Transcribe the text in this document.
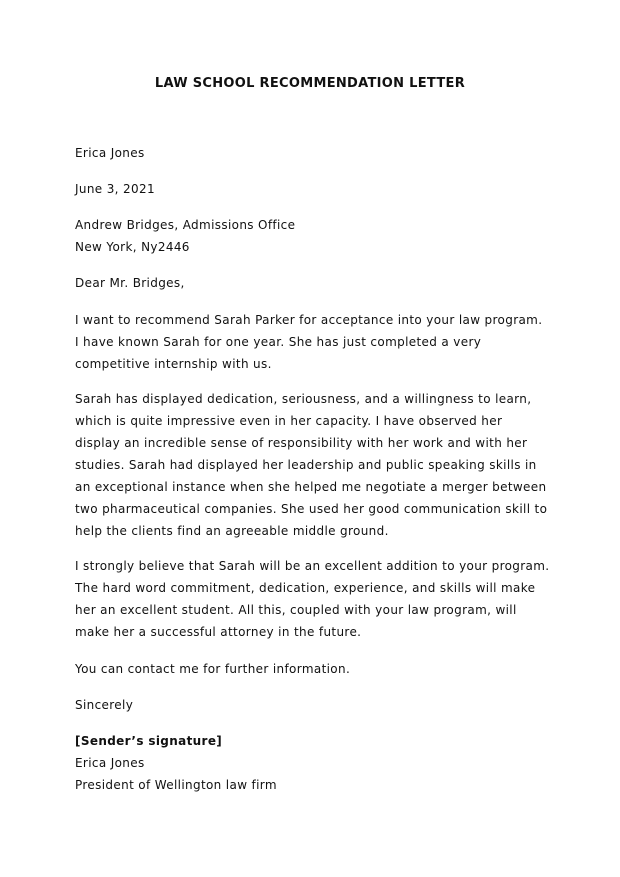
LAW SCHOOL RECOMMENDATION LETTER
Erica Jones
June 3, 2021
Andrew Bridges, Admissions Office
New York, Ny2446
Dear Mr. Bridges,
I want to recommend Sarah Parker for acceptance into your law program.
I have known Sarah for one year. She has just completed a very
competitive internship with us.
Sarah has displayed dedication, seriousness, and a willingness to learn,
which is quite impressive even in her capacity. I have observed her
display an incredible sense of responsibility with her work and with her
studies. Sarah had displayed her leadership and public speaking skills in
an exceptional instance when she helped me negotiate a merger between
two pharmaceutical companies. She used her good communication skill to
help the clients find an agreeable middle ground.
I strongly believe that Sarah will be an excellent addition to your program.
The hard word commitment, dedication, experience, and skills will make
her an excellent student. All this, coupled with your law program, will
make her a successful attorney in the future.
You can contact me for further information.
Sincerely
[Sender’s signature]
Erica Jones
President of Wellington law firm
